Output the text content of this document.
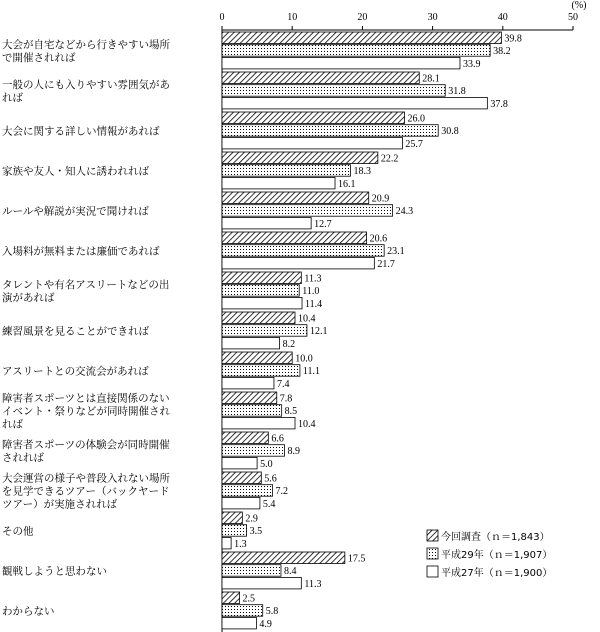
0	10	20	30	40	50
(%)
大会が自宅などから行きやすい場所で開催されれば
39.8
38.2
33.9
一般の人にも入りやすい雰囲気があれば
28.1
31.8
37.8
大会に関する詳しい情報があれば
26.0
30.8
25.7
家族や友人・知人に誘われれば
22.2
18.3
16.1
ルールや解説が実況で聞ければ
20.9
24.3
12.7
入場料が無料または廉価であれば
20.6
23.1
21.7
タレントや有名アスリートなどの出演があれば
11.3
11.0
11.4
練習風景を見ることができれば
10.4
12.1
8.2
アスリートとの交流会があれば
10.0
11.1
7.4
障害者スポーツとは直接関係のないイベント・祭りなどが同時開催されれば
7.8
8.5
10.4
障害者スポーツの体験会が同時開催されれば
6.6
8.9
5.0
大会運営の様子や普段入れない場所を見学できるツアー（バックヤードツアー）が実施されれば
5.6
7.2
5.4
その他
2.9
3.5
1.3
観戦しようと思わない
17.5
8.4
11.3
わからない
2.5
5.8
4.9
今回調査（ｎ＝1,843）
平成29年（ｎ＝1,907）
平成27年（ｎ＝1,900）
